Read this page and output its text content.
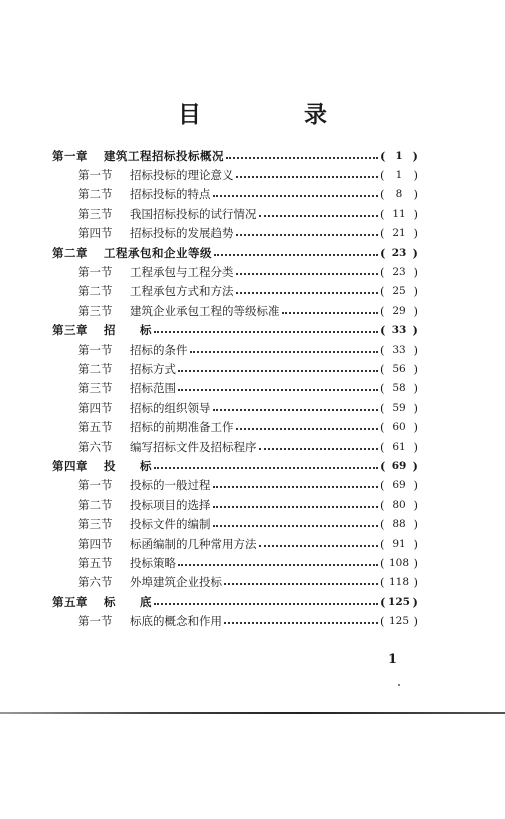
目　录
第一章 建筑工程招标投标概况	( 1 )
第一节 招标投标的理论意义	(	1 )
第二节 招标投标的特点	(	8 )
第三节 我国招标投标的试行情况	( 11 )
第四节 招标投标的发展趋势	( 21 )
第二章 工程承包和企业等级	( 23 )
第一节 工程承包与工程分类	( 23 )
第二节 工程承包方式和方法	( 25 )
第三节 建筑企业承包工程的等级标准	( 29 )
第三章 招　　标	( 33 )
第一节 招标的条件	( 33 )
第二节 招标方式	( 56 )
第三节 招标范围	( 58 )
第四节 招标的组织领导	( 59 )
第五节 招标的前期准备工作	( 60 )
第六节 编写招标文件及招标程序	( 61 )
第四章 投　　标	( 69 )
第一节 投标的一般过程	( 69 )
第二节 投标项目的选择	( 80 )
第三节 投标文件的编制	( 88 )
第四节 标函编制的几种常用方法	( 91 )
第五节 投标策略	( 108 )
第六节 外埠建筑企业投标	( 118 )
第五章 标　　底	( 125 )
第一节 标底的概念和作用	( 125 )
1
